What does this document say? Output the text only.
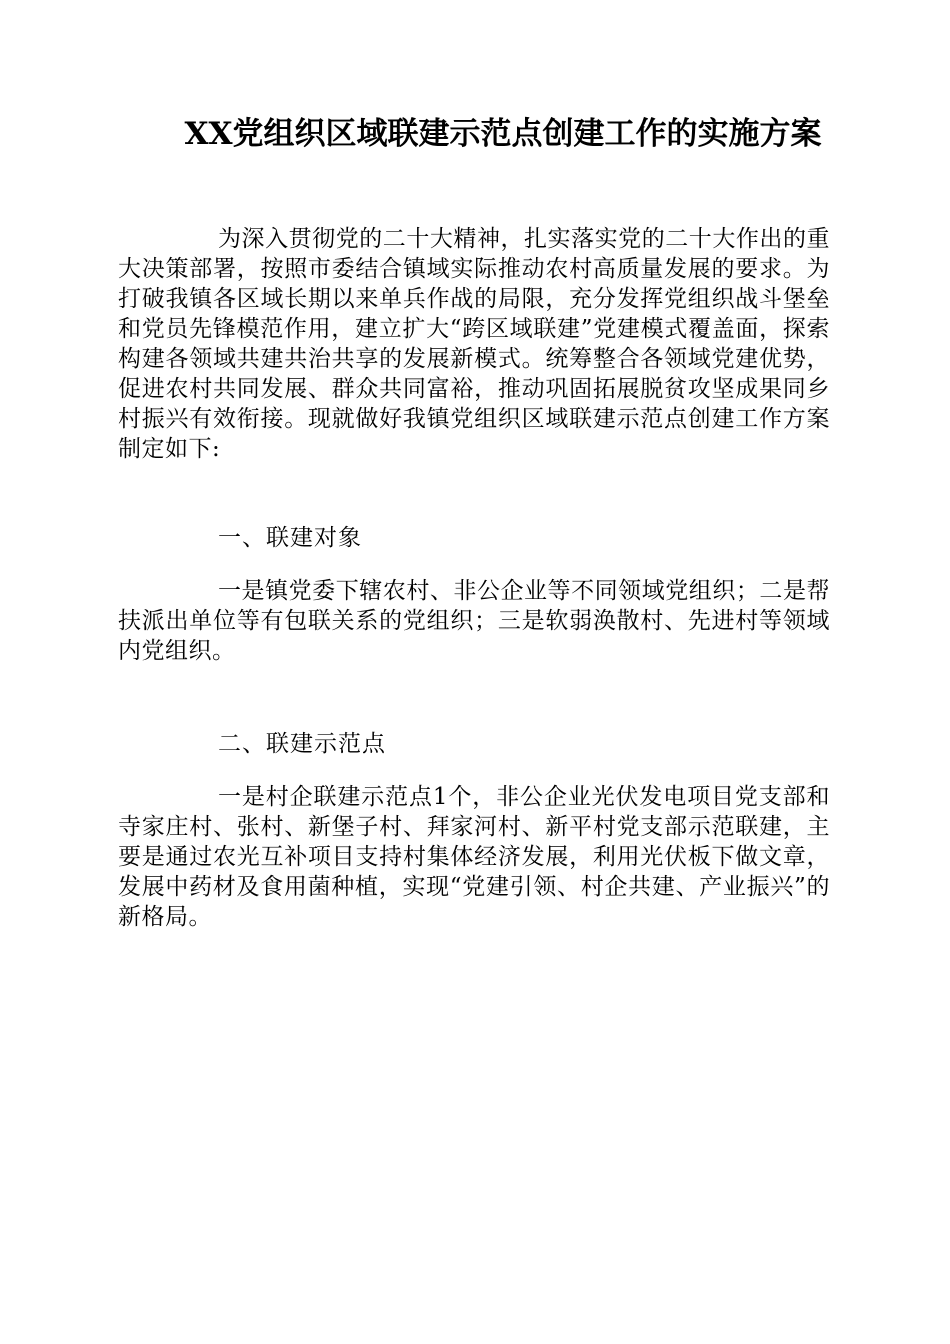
XX党组织区域联建示范点创建工作的实施方案

为深入贯彻党的二十大精神，扎实落实党的二十大作出的重大决策部署，按照市委结合镇域实际推动农村高质量发展的要求。为打破我镇各区域长期以来单兵作战的局限，充分发挥党组织战斗堡垒和党员先锋模范作用，建立扩大“跨区域联建”党建模式覆盖面，探索构建各领域共建共治共享的发展新模式。统筹整合各领域党建优势，促进农村共同发展、群众共同富裕，推动巩固拓展脱贫攻坚成果同乡村振兴有效衔接。现就做好我镇党组织区域联建示范点创建工作方案制定如下:

一、联建对象

一是镇党委下辖农村、非公企业等不同领域党组织；二是帮扶派出单位等有包联关系的党组织；三是软弱涣散村、先进村等领域内党组织。

二、联建示范点

一是村企联建示范点1个，非公企业光伏发电项目党支部和寺家庄村、张村、新堡子村、拜家河村、新平村党支部示范联建，主要是通过农光互补项目支持村集体经济发展，利用光伏板下做文章，发展中药材及食用菌种植，实现“党建引领、村企共建、产业振兴”的新格局。
